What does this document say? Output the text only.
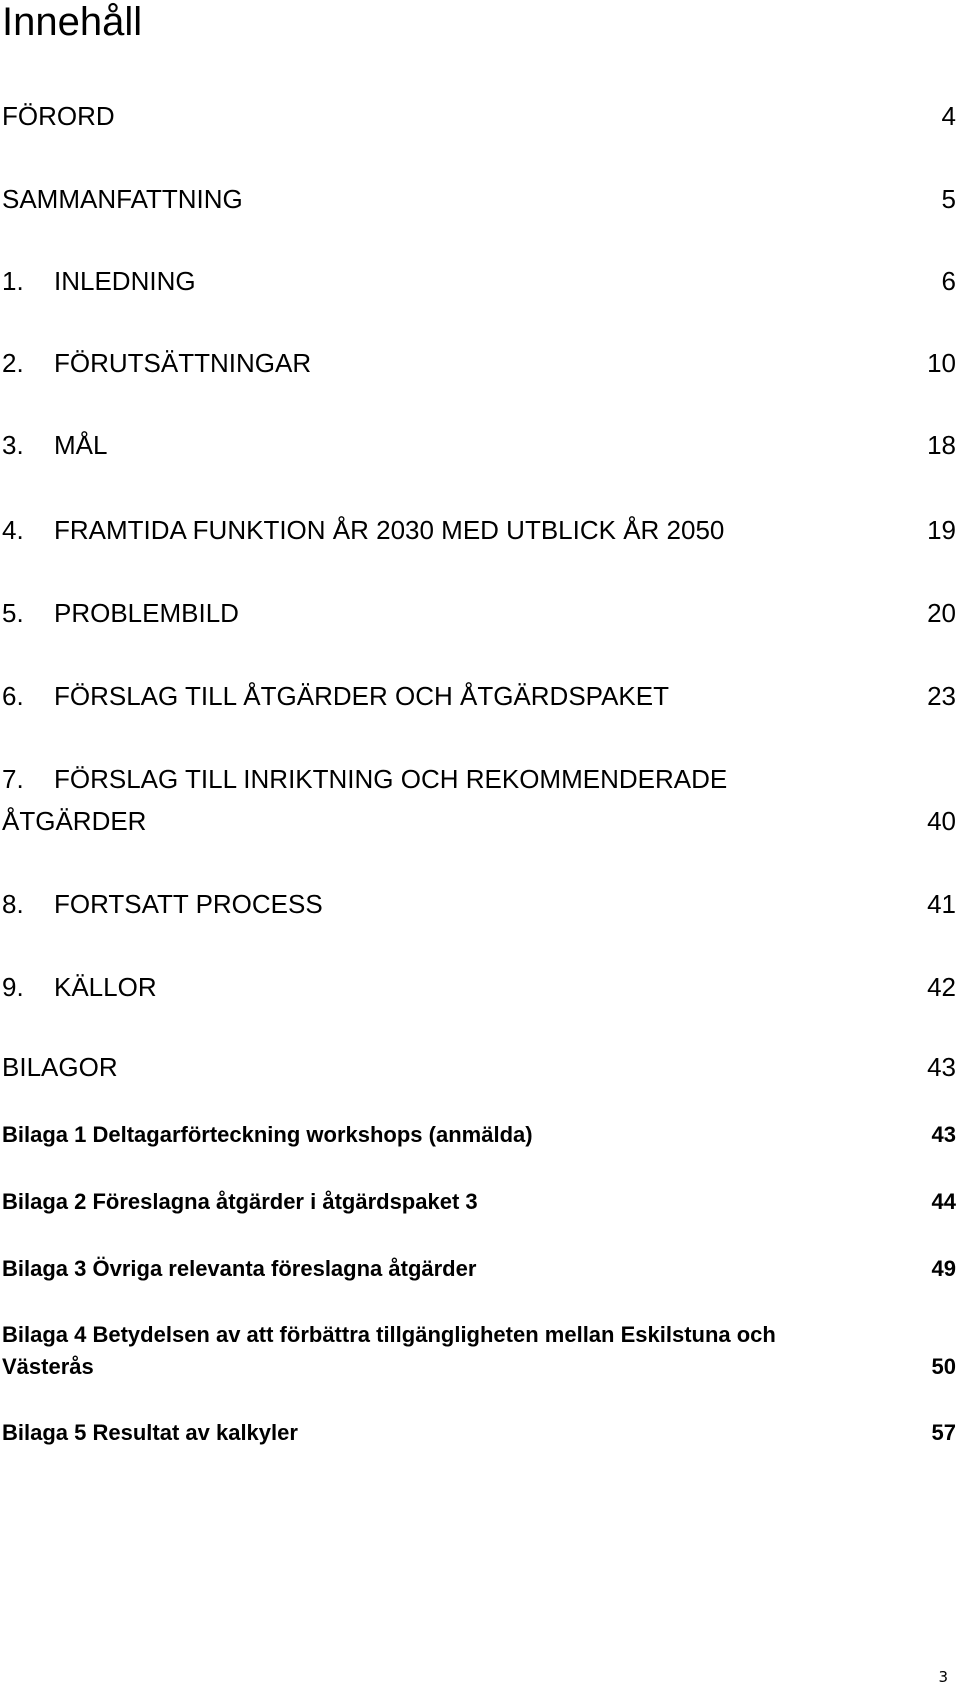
Innehåll
FÖRORD	4
SAMMANFATTNING	5
1. INLEDNING	6
2. FÖRUTSÄTTNINGAR	10
3. MÅL	18
4. FRAMTIDA FUNKTION ÅR 2030 MED UTBLICK ÅR 2050	19
5. PROBLEMBILD	20
6. FÖRSLAG TILL ÅTGÄRDER OCH ÅTGÄRDSPAKET	23
7. FÖRSLAG TILL INRIKTNING OCH REKOMMENDERADE
ÅTGÄRDER	40
8. FORTSATT PROCESS	41
9. KÄLLOR	42
BILAGOR	43
Bilaga 1 Deltagarförteckning workshops (anmälda)	43
Bilaga 2 Föreslagna åtgärder i åtgärdspaket 3	44
Bilaga 3 Övriga relevanta föreslagna åtgärder	49
Bilaga 4 Betydelsen av att förbättra tillgängligheten mellan Eskilstuna och
Västerås	50
Bilaga 5 Resultat av kalkyler	57
3
